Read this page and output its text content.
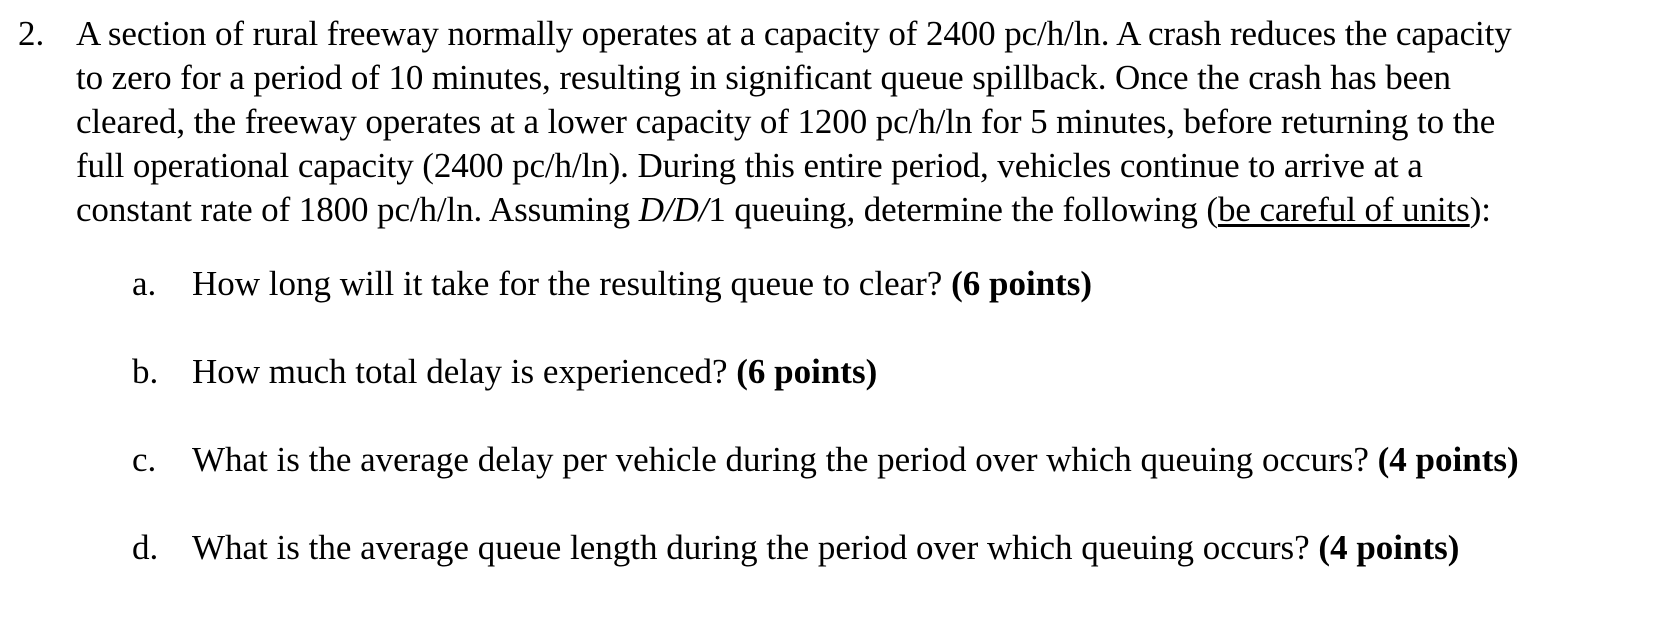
2. A section of rural freeway normally operates at a capacity of 2400 pc/h/ln. A crash reduces the capacity
to zero for a period of 10 minutes, resulting in significant queue spillback. Once the crash has been
cleared, the freeway operates at a lower capacity of 1200 pc/h/ln for 5 minutes, before returning to the
full operational capacity (2400 pc/h/ln). During this entire period, vehicles continue to arrive at a
constant rate of 1800 pc/h/ln. Assuming D/D/1 queuing, determine the following (be careful of units):
a.	How long will it take for the resulting queue to clear? (6 points)
b. How much total delay is experienced? (6 points)
c.	What is the average delay per vehicle during the period over which queuing occurs? (4 points)
d. What is the average queue length during the period over which queuing occurs? (4 points)
